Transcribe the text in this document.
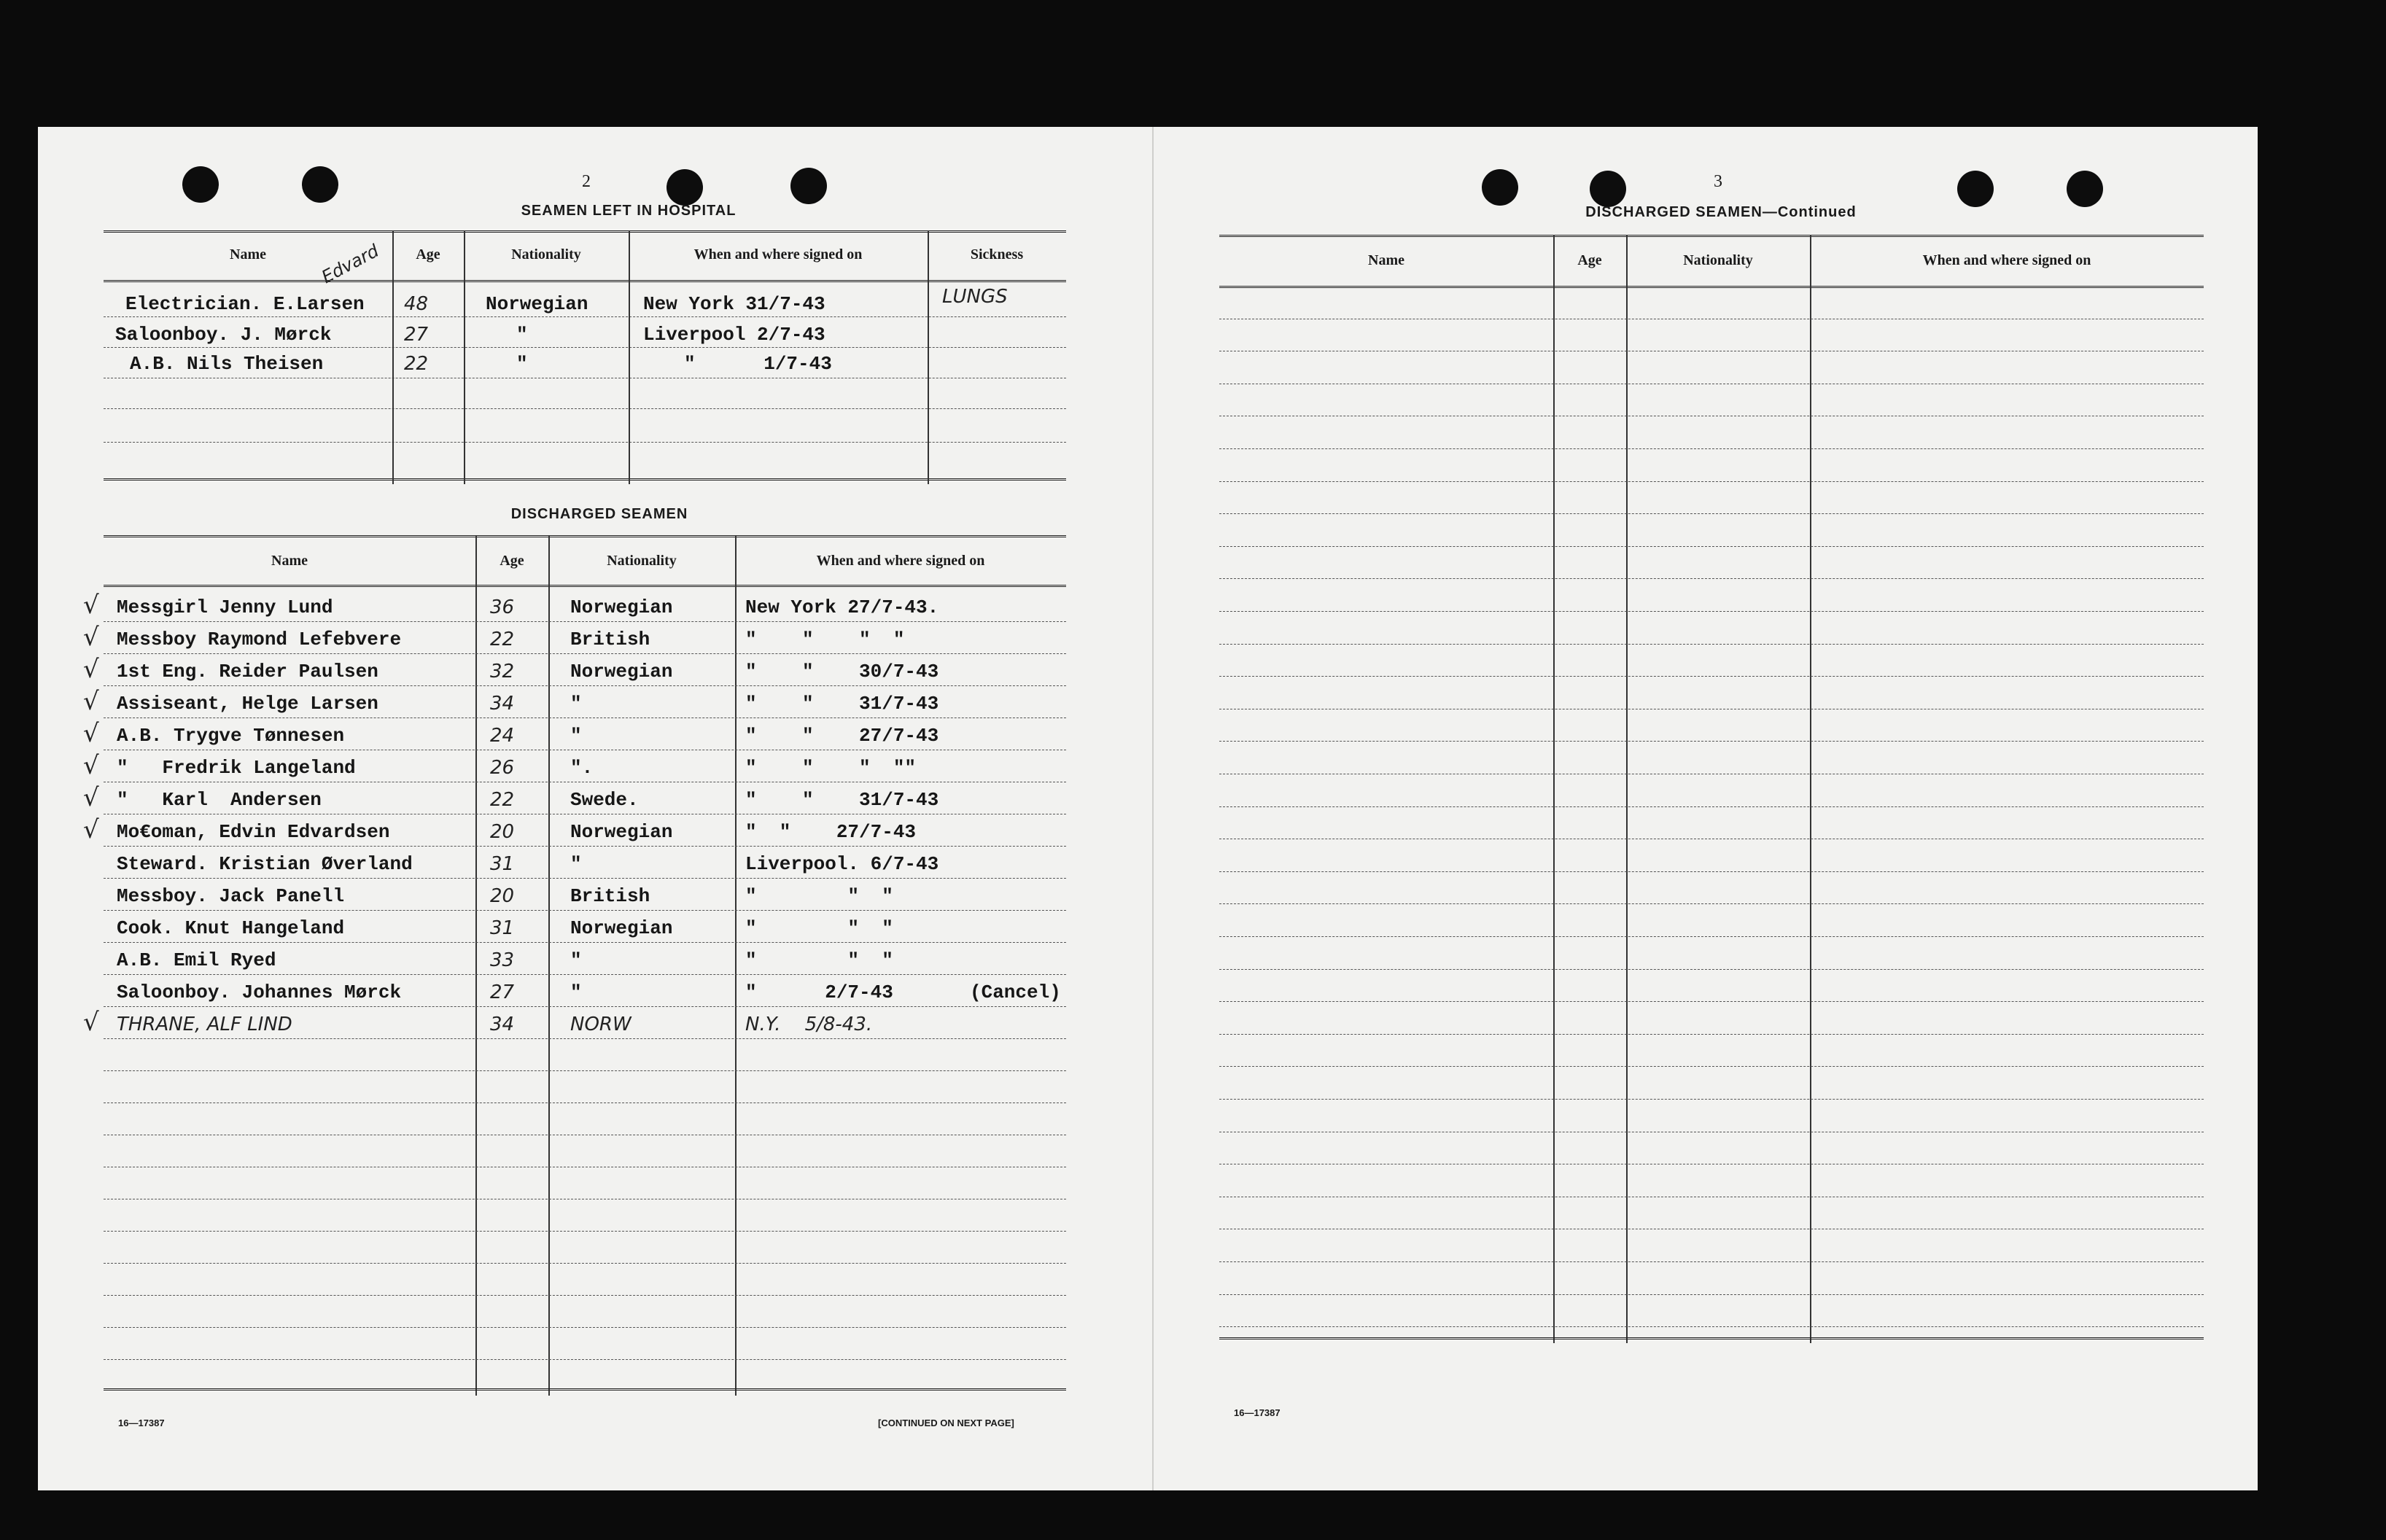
2
SEAMEN LEFT IN HOSPITAL
Name	Age	Nationality	When and where signed on	Sickness
Edvard
Electrician. E.Larsen 48	Norwegian	New York 31/7-43	LUNGS
Saloonboy. J. Mørck	27	"	Liverpool 2/7-43
A.B. Nils Theisen	22	"	"      1/7-43
DISCHARGED SEAMEN
Name	Age	Nationality	When and where signed on
Messgirl Jenny Lund	36	Norwegian	New York 27/7-43.
√
Messboy Raymond Lefebvere	22	British	"    "    "  "
√
1st Eng. Reider Paulsen	32	Norwegian	"    "    30/7-43
√
Assiseant, Helge Larsen	34	"	"    "    31/7-43
√
A.B. Trygve Tønnesen	24	"	"    "    27/7-43
√
"   Fredrik Langeland	26	".	"    "    "  ""
√
"   Karl  Andersen	22	Swede.	"    "    31/7-43
√
Mo€oman, Edvin Edvardsen	20	Norwegian	"  "    27/7-43
√
Steward. Kristian Øverland	31	"	Liverpool. 6/7-43
Messboy. Jack Panell	20	British	"        "  "
Cook. Knut Hangeland	31	Norwegian	"        "  "
A.B. Emil Ryed	33	"	"        "  "
Saloonboy. Johannes Mørck	27	"	"      2/7-43	(Cancel)
THRANE, ALF LIND	34	NORW	N.Y.    5/8-43.
√
16—17387	[CONTINUED ON NEXT PAGE]
3
DISCHARGED SEAMEN—Continued
Name	Age	Nationality	When and where signed on
16—17387
